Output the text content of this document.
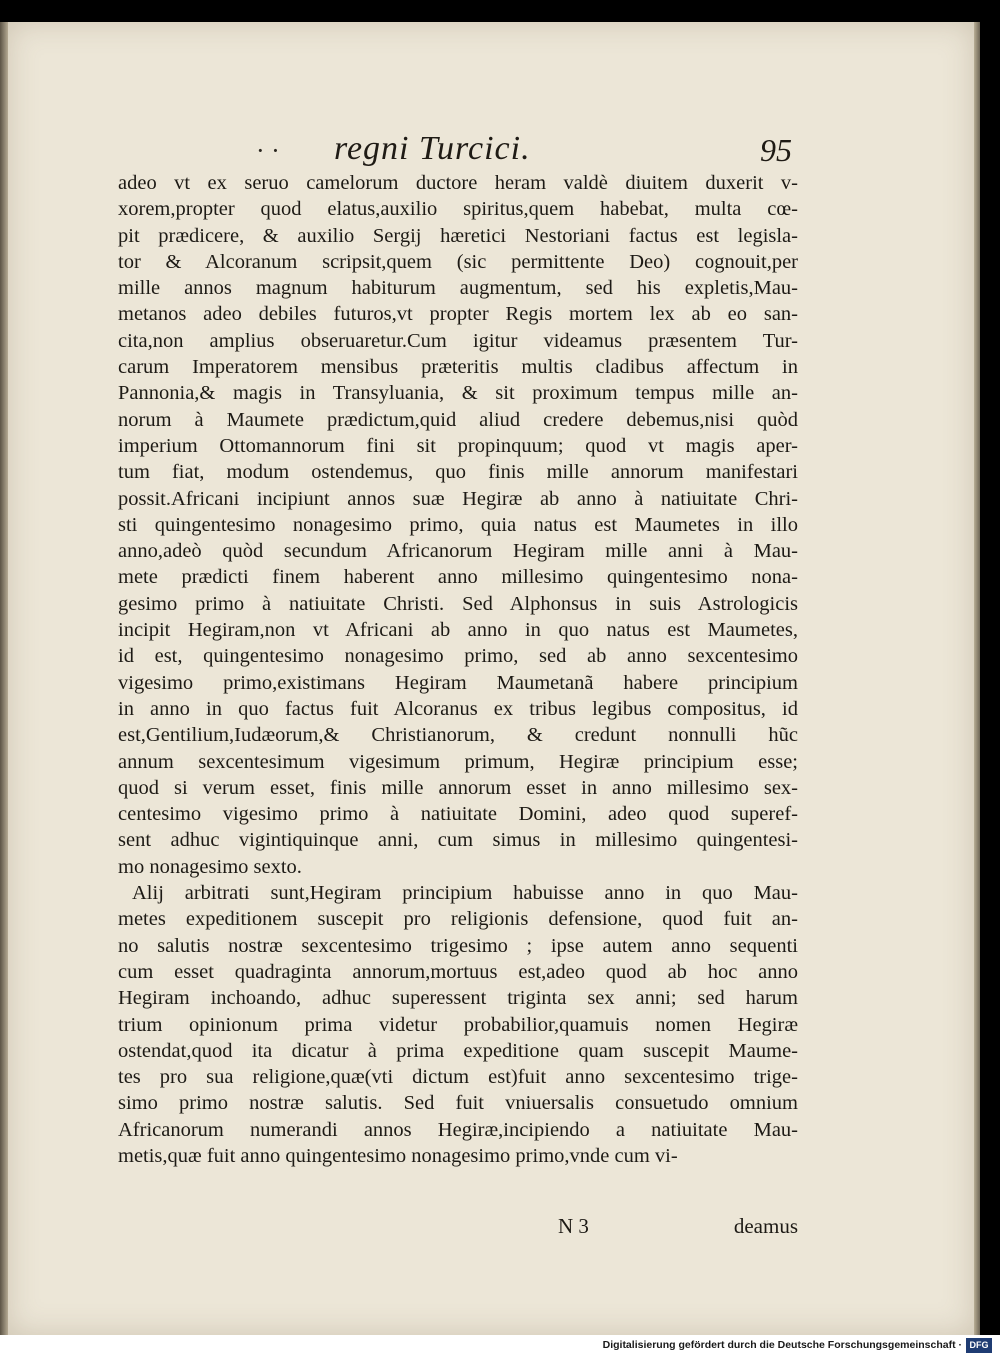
· · regni Turcici.	95
adeo vt ex seruo camelorum ductore heram valdè diuitem duxerit v-
xorem,propter quod elatus,auxilio spiritus,quem habebat, multa cœ-
pit prædicere, & auxilio Sergij hæretici Nestoriani factus est legisla-
tor & Alcoranum scripsit,quem (sic permittente Deo) cognouit,per
mille annos magnum habiturum augmentum, sed his expletis,Mau-
metanos adeo debiles futuros,vt propter Regis mortem lex ab eo san-
cita,non amplius obseruaretur.Cum igitur videamus præsentem Tur-
carum Imperatorem mensibus præteritis multis cladibus affectum in
Pannonia,& magis in Transyluania, & sit proximum tempus mille an-
norum à Maumete prædictum,quid aliud credere debemus,nisi quòd
imperium Ottomannorum fini sit propinquum; quod vt magis aper-
tum fiat, modum ostendemus, quo finis mille annorum manifestari
possit.Africani incipiunt annos suæ Hegiræ ab anno à natiuitate Chri-
sti quingentesimo nonagesimo primo, quia natus est Maumetes in illo
anno,adeò quòd secundum Africanorum Hegiram mille anni à Mau-
mete prædicti finem haberent anno millesimo quingentesimo nona-
gesimo primo à natiuitate Christi. Sed Alphonsus in suis Astrologicis
incipit Hegiram,non vt Africani ab anno in quo natus est Maumetes,
id est, quingentesimo nonagesimo primo, sed ab anno sexcentesimo
vigesimo primo,existimans Hegiram Maumetanã habere principium
in anno in quo factus fuit Alcoranus ex tribus legibus compositus, id
est,Gentilium,Iudæorum,& Christianorum, & credunt nonnulli hũc
annum sexcentesimum vigesimum primum, Hegiræ principium esse;
quod si verum esset, finis mille annorum esset in anno millesimo sex-
centesimo vigesimo primo à natiuitate Domini, adeo quod superef-
sent adhuc vigintiquinque anni, cum simus in millesimo quingentesi-
mo nonagesimo sexto.
Alij arbitrati sunt,Hegiram principium habuisse anno in quo Mau-
metes expeditionem suscepit pro religionis defensione, quod fuit an-
no salutis nostræ sexcentesimo trigesimo ; ipse autem anno sequenti
cum esset quadraginta annorum,mortuus est,adeo quod ab hoc anno
Hegiram inchoando, adhuc superessent triginta sex anni; sed harum
trium opinionum prima videtur probabilior,quamuis nomen Hegiræ
ostendat,quod ita dicatur à prima expeditione quam suscepit Maume-
tes pro sua religione,quæ(vti dictum est)fuit anno sexcentesimo trige-
simo primo nostræ salutis. Sed fuit vniuersalis consuetudo omnium
Africanorum numerandi annos Hegiræ,incipiendo a natiuitate Mau-
metis,quæ fuit anno quingentesimo nonagesimo primo,vnde cum vi-
N 3	deamus
Digitalisierung gefördert durch die Deutsche Forschungsgemeinschaft · DFG
